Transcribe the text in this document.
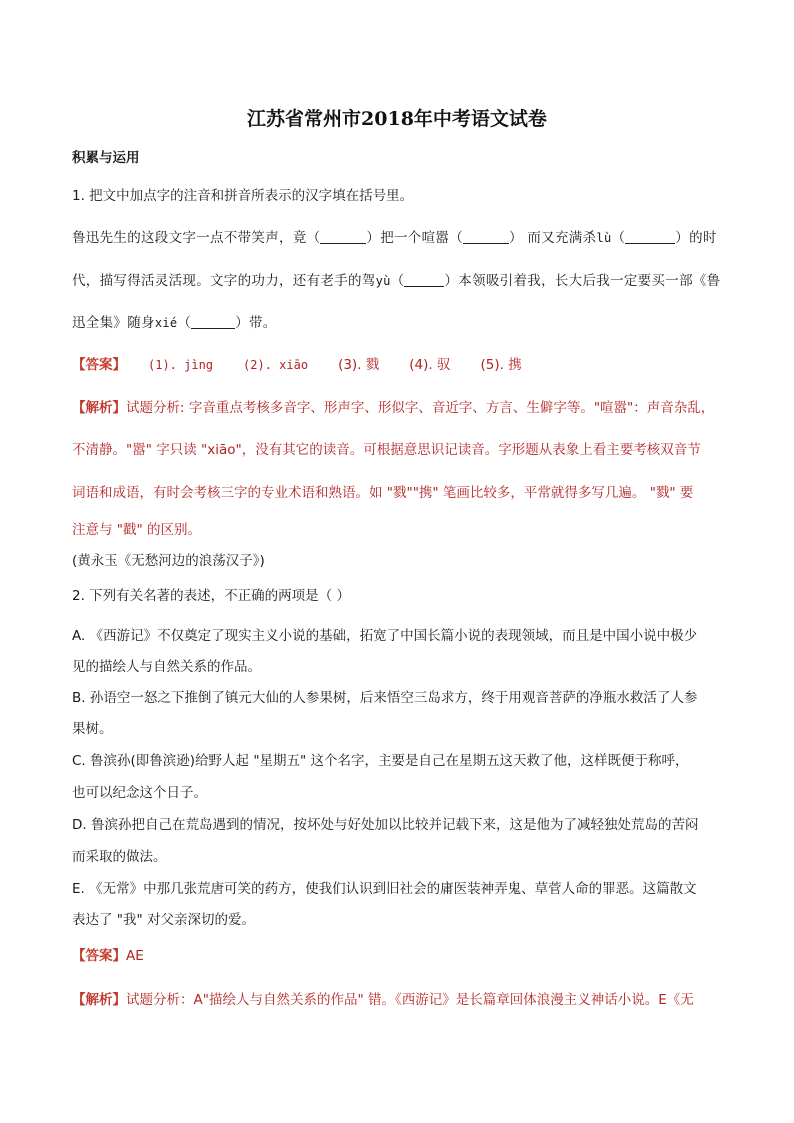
江苏省常州市2018年中考语文试卷
积累与运用
1. 把文中加点字的注音和拼音所表示的汉字填在括号里。
鲁迅先生的这段文字一点不带笑声，竟（	）把一个喧嚣（	） 而又充满杀lù（	）的时
代，描写得活灵活现。文字的功力，还有老手的驾yù（	）本领吸引着我，长大后我一定要买一部《鲁
迅全集》随身xié（	）带。
【答案】 (1). jìng	(2). xiāo (3). 戮 (4). 驭 (5). 携
【解析】试题分析: 字音重点考核多音字、形声字、形似字、音近字、方言、生僻字等。"喧嚣"：声音杂乱，
不清静。"嚣" 字只读 "xiāo"，没有其它的读音。可根据意思识记读音。字形题从表象上看主要考核双音节
词语和成语，有时会考核三字的专业术语和熟语。如 "戮""携" 笔画比较多，平常就得多写几遍。 "戮" 要
注意与 "戳" 的区别。
(黄永玉《无愁河边的浪荡汉子》)
2. 下列有关名著的表述，不正确的两项是（ ）
A. 《西游记》不仅奠定了现实主义小说的基础，拓宽了中国长篇小说的表现领域，而且是中国小说中极少
见的描绘人与自然关系的作品。
B. 孙语空一怒之下推倒了镇元大仙的人参果树，后来悟空三岛求方，终于用观音菩萨的净瓶水救活了人参
果树。
C. 鲁滨孙(即鲁滨逊)给野人起 "星期五" 这个名字，主要是自己在星期五这天救了他，这样既便于称呼，
也可以纪念这个日子。
D. 鲁滨孙把自己在荒岛遇到的情况，按坏处与好处加以比较并记载下来，这是他为了减轻独处荒岛的苦闷
而采取的做法。
E. 《无常》中那几张荒唐可笑的药方，使我们认识到旧社会的庸医装神弄鬼、草菅人命的罪恶。这篇散文
表达了 "我" 对父亲深切的爱。
【答案】AE
【解析】试题分析：A"描绘人与自然关系的作品" 错。《西游记》是长篇章回体浪漫主义神话小说。E《无
